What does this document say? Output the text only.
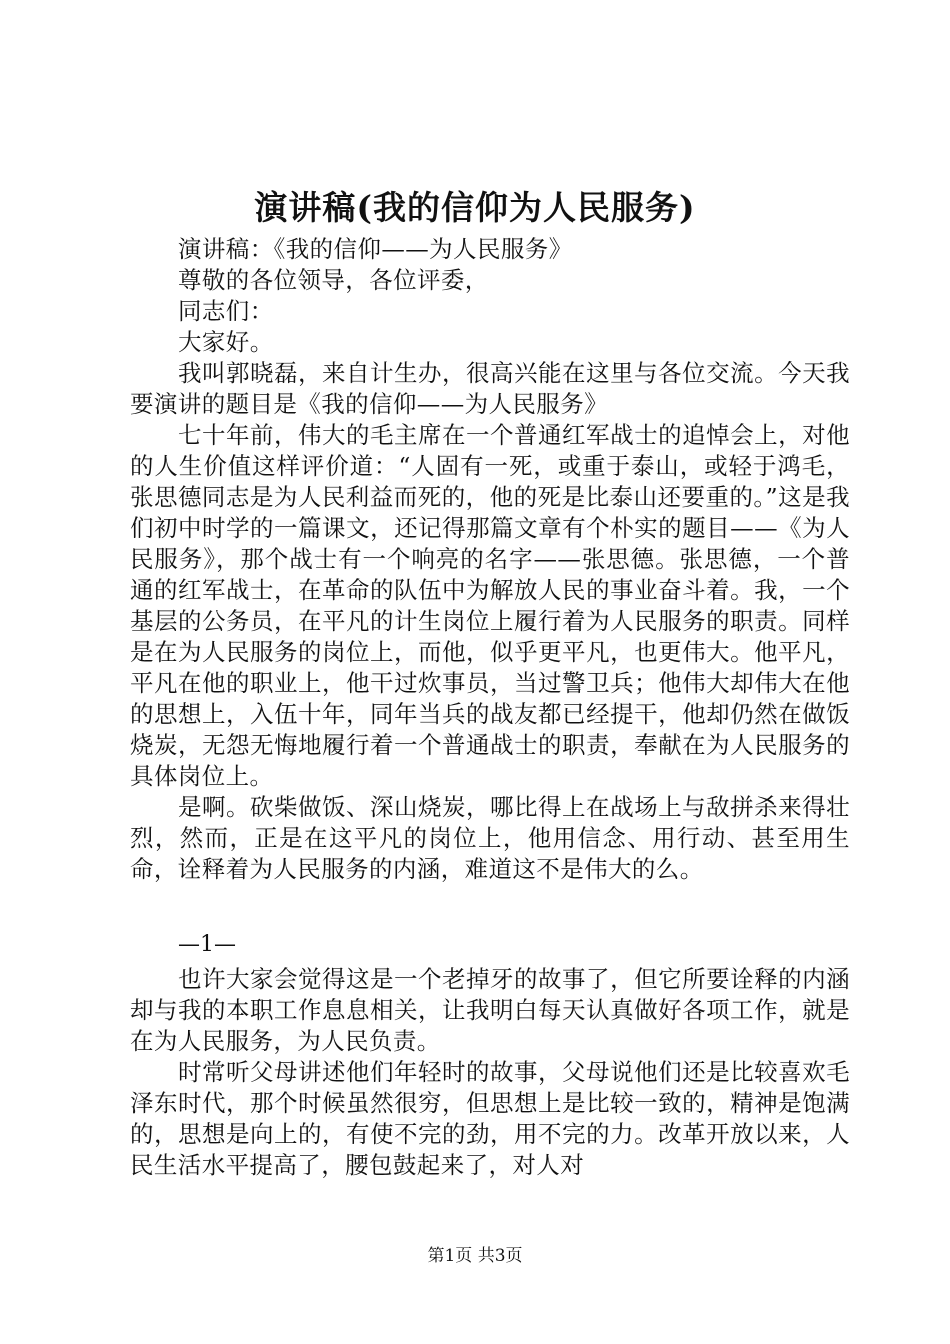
演讲稿(我的信仰为人民服务)

演讲稿：《我的信仰——为人民服务》

尊敬的各位领导，各位评委，

同志们：

大家好。

我叫郭晓磊，来自计生办，很高兴能在这里与各位交流。今天我要演讲的题目是《我的信仰——为人民服务》

七十年前，伟大的毛主席在一个普通红军战士的追悼会上，对他的人生价值这样评价道：“人固有一死，或重于泰山，或轻于鸿毛，张思德同志是为人民利益而死的，他的死是比泰山还要重的。”这是我们初中时学的一篇课文，还记得那篇文章有个朴实的题目——《为人民服务》，那个战士有一个响亮的名字——张思德。张思德，一个普通的红军战士，在革命的队伍中为解放人民的事业奋斗着。我，一个基层的公务员，在平凡的计生岗位上履行着为人民服务的职责。同样是在为人民服务的岗位上，而他，似乎更平凡，也更伟大。他平凡，平凡在他的职业上，他干过炊事员，当过警卫兵；他伟大却伟大在他的思想上，入伍十年，同年当兵的战友都已经提干，他却仍然在做饭烧炭，无怨无悔地履行着一个普通战士的职责，奉献在为人民服务的具体岗位上。

是啊。砍柴做饭、深山烧炭，哪比得上在战场上与敌拼杀来得壮烈，然而，正是在这平凡的岗位上，他用信念、用行动、甚至用生命，诠释着为人民服务的内涵，难道这不是伟大的么。

—1—

也许大家会觉得这是一个老掉牙的故事了，但它所要诠释的内涵却与我的本职工作息息相关，让我明白每天认真做好各项工作，就是在为人民服务，为人民负责。

时常听父母讲述他们年轻时的故事，父母说他们还是比较喜欢毛泽东时代，那个时候虽然很穷，但思想上是比较一致的，精神是饱满的，思想是向上的，有使不完的劲，用不完的力。改革开放以来，人民生活水平提高了，腰包鼓起来了，对人对

第1页 共3页
